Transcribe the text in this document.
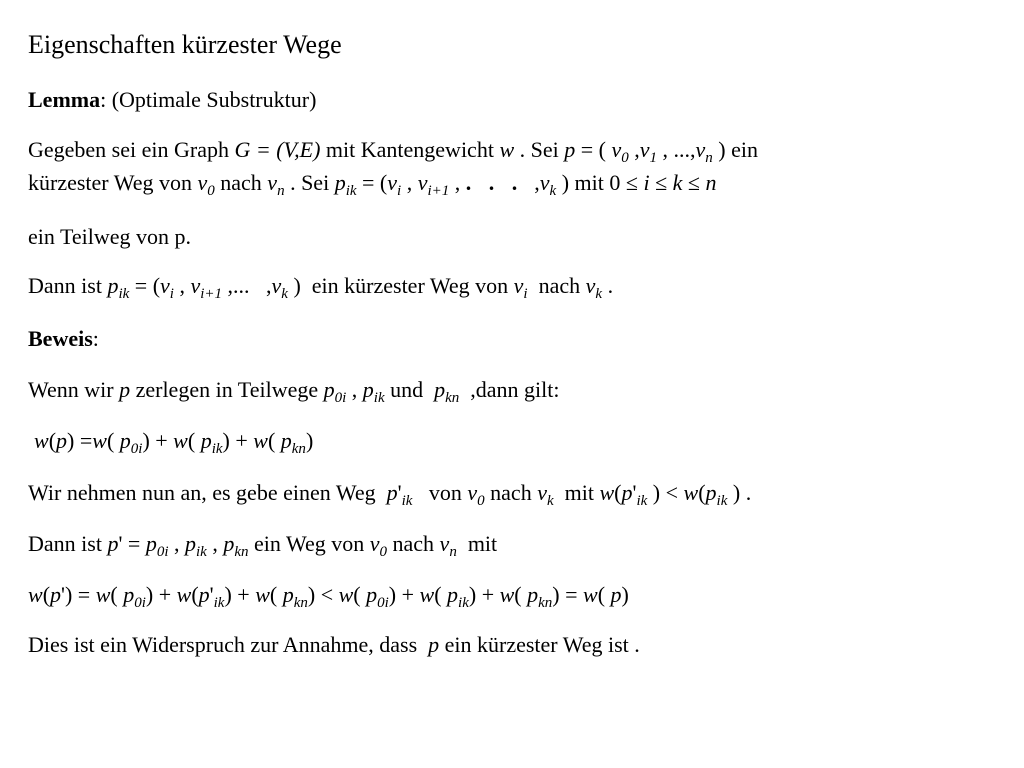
Eigenschaften kürzester Wege
Lemma: (Optimale Substruktur)
Gegeben sei ein Graph G = (V,E) mit Kantengewicht w . Sei p = ( $v_0$ $,v_1$ , $...,v_n$ ) ein
kürzester Weg von $v_0$ nach $v_n$ . Sei $p_{ik} = (v_i$ , $v_{i+1}$ , . . .  $,v_k$ ) mit 0 ≤ i ≤ k ≤ n
ein Teilweg von p.
Dann ist $p_{ik} = (v_i$ , $v_{i+1}$ ,...   $,v_k$ )  ein kürzester Weg von $v_i$  nach $v_k$ .
Beweis:
Wenn wir p zerlegen in Teilwege $p_{0i}$ , $p_{ik}$ und  $p_{kn}$  ,dann gilt:
w(p) =w( $p_{0i}) + w$( $p_{ik}) + w$( $p_{kn}$)
Wir nehmen nun an, es gebe einen Weg  $p'_{ik}$   von $v_0$ nach $v_k$  mit $w(p'_{ik}$ ) < $w(p_{ik}$ ) .
Dann ist $p' = p_{0i}$ , $p_{ik}$ , $p_{kn}$ ein Weg von $v_0$ nach $v_n$  mit
w(p') = w( $p_{0i}) + w(p'_{ik}) + w$( $p_{kn}) < w$( $p_{0i}) + w$( $p_{ik}) + w$( $p_{kn}) = w$( p)
Dies ist ein Widerspruch zur Annahme, dass  p ein kürzester Weg ist .
